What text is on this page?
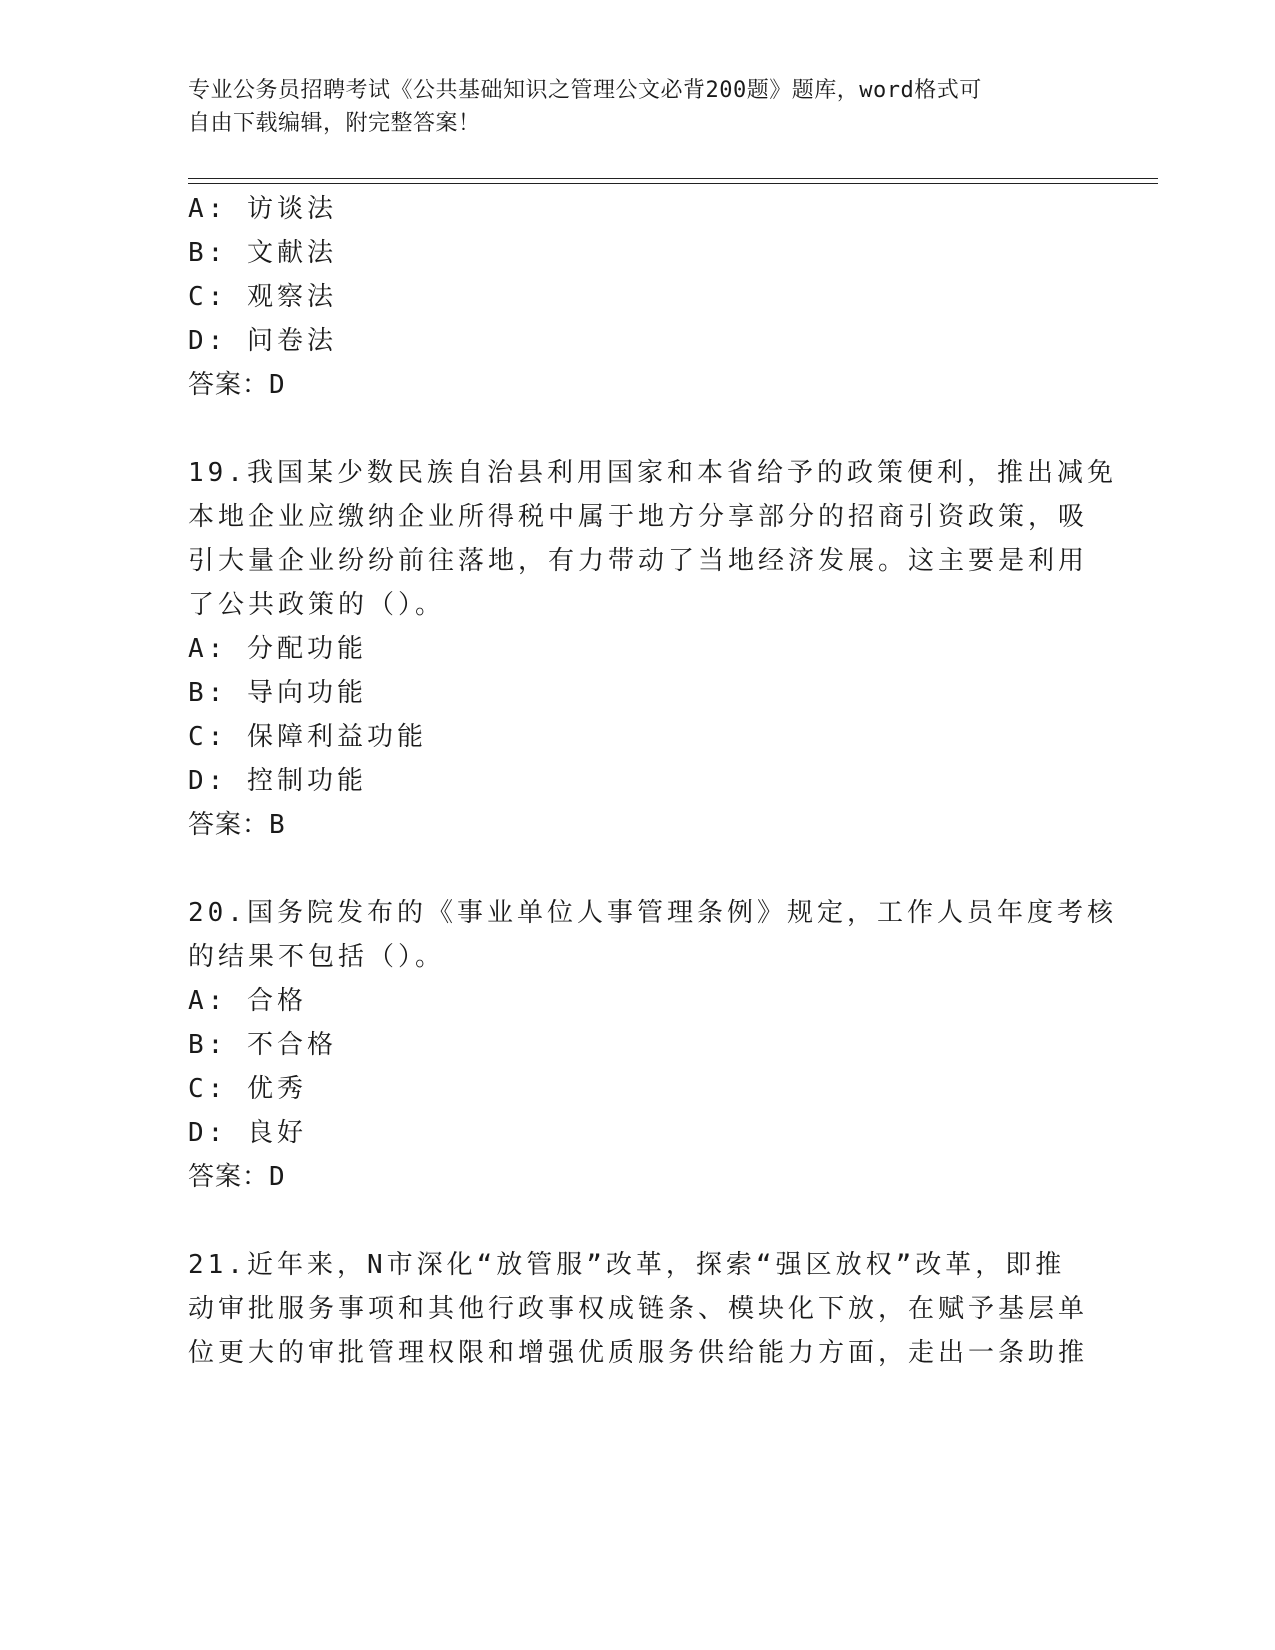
专业公务员招聘考试《公共基础知识之管理公文必背200题》题库，word格式可
自由下载编辑，附完整答案！
A: 访谈法
B: 文献法
C: 观察法
D: 问卷法
答案：D
19.我国某少数民族自治县利用国家和本省给予的政策便利，推出减免
本地企业应缴纳企业所得税中属于地方分享部分的招商引资政策，吸
引大量企业纷纷前往落地，有力带动了当地经济发展。这主要是利用
了公共政策的（）。
A: 分配功能
B: 导向功能
C: 保障利益功能
D: 控制功能
答案：B
20.国务院发布的《事业单位人事管理条例》规定，工作人员年度考核
的结果不包括（）。
A: 合格
B: 不合格
C: 优秀
D: 良好
答案：D
21.近年来，N市深化“放管服”改革，探索“强区放权”改革，即推
动审批服务事项和其他行政事权成链条、模块化下放，在赋予基层单
位更大的审批管理权限和增强优质服务供给能力方面，走出一条助推
